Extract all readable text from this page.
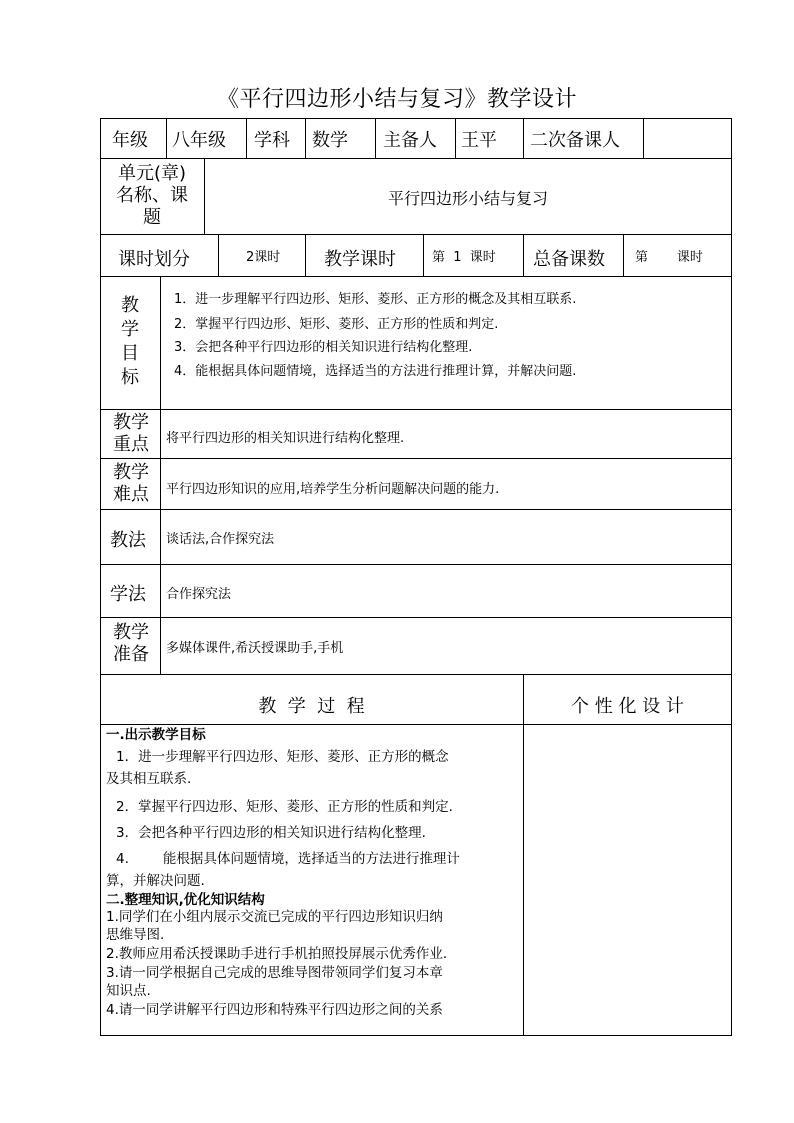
《平行四边形小结与复习》教学设计
年级 八年级 学科 数学 主备人 王平 二次备课人
单元(章)
名称、课
题
平行四边形小结与复习
课时划分	2课时 教学课时	第  1  课时 总备课数 第       课时
教
学
目
标
1．进一步理解平行四边形、矩形、菱形、正方形的概念及其相互联系.
2．掌握平行四边形、矩形、菱形、正方形的性质和判定.
3．会把各种平行四边形的相关知识进行结构化整理.
4．能根据具体问题情境，选择适当的方法进行推理计算，并解决问题.
教学
重点	将平行四边形的相关知识进行结构化整理.
教学
难点	平行四边形知识的应用,培养学生分析问题解决问题的能力.
教法 谈话法,合作探究法
学法 合作探究法
教学
准备	多媒体课件,希沃授课助手,手机
教  学  过  程	个 性 化 设 计
一.出示教学目标
1．进一步理解平行四边形、矩形、菱形、正方形的概念
及其相互联系.
2．掌握平行四边形、矩形、菱形、正方形的性质和判定.
3．会把各种平行四边形的相关知识进行结构化整理.
4.	能根据具体问题情境，选择适当的方法进行推理计
算，并解决问题.
二.整理知识,优化知识结构
1.同学们在小组内展示交流已完成的平行四边形知识归纳
思维导图.
2.教师应用希沃授课助手进行手机拍照投屏展示优秀作业.
3.请一同学根据自己完成的思维导图带领同学们复习本章
知识点.
4.请一同学讲解平行四边形和特殊平行四边形之间的关系
